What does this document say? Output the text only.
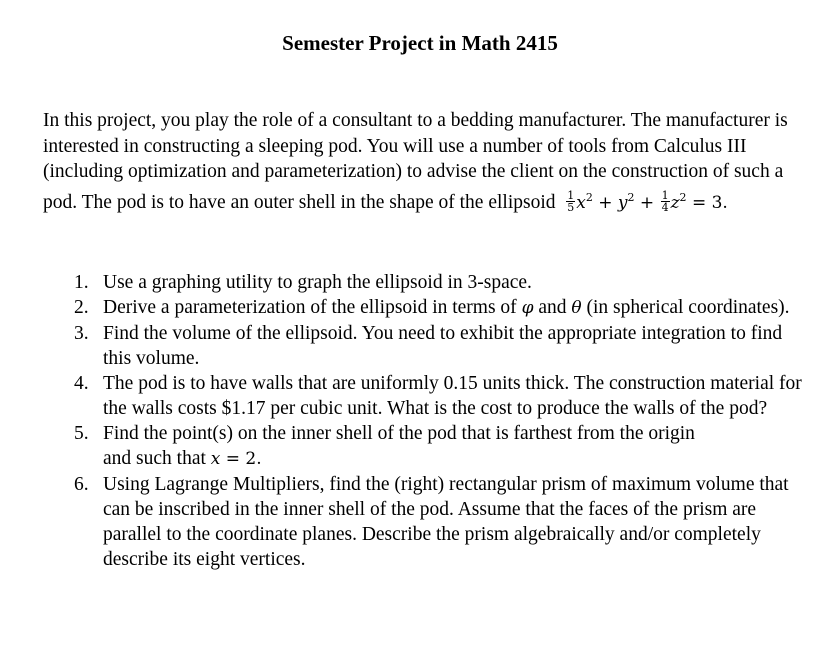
Semester Project in Math 2415
In this project, you play the role of a consultant to a bedding manufacturer. The manufacturer is
interested in constructing a sleeping pod. You will use a number of tools from Calculus III
(including optimization and parameterization) to advise the client on the construction of such a
pod. The pod is to have an outer shell in the shape of the ellipsoid $\frac{1}{5} x^2 + y^2 + \frac{1}{4} z^2 = 3$.
1. Use a graphing utility to graph the ellipsoid in 3-space.
2. Derive a parameterization of the ellipsoid in terms of φ and θ (in spherical coordinates).
3. Find the volume of the ellipsoid. You need to exhibit the appropriate integration to find
this volume.
4. The pod is to have walls that are uniformly 0.15 units thick. The construction material for
the walls costs $1.17 per cubic unit. What is the cost to produce the walls of the pod?
5. Find the point(s) on the inner shell of the pod that is farthest from the origin
and such that x = 2.
6. Using Lagrange Multipliers, find the (right) rectangular prism of maximum volume that
can be inscribed in the inner shell of the pod. Assume that the faces of the prism are
parallel to the coordinate planes. Describe the prism algebraically and/or completely
describe its eight vertices.
